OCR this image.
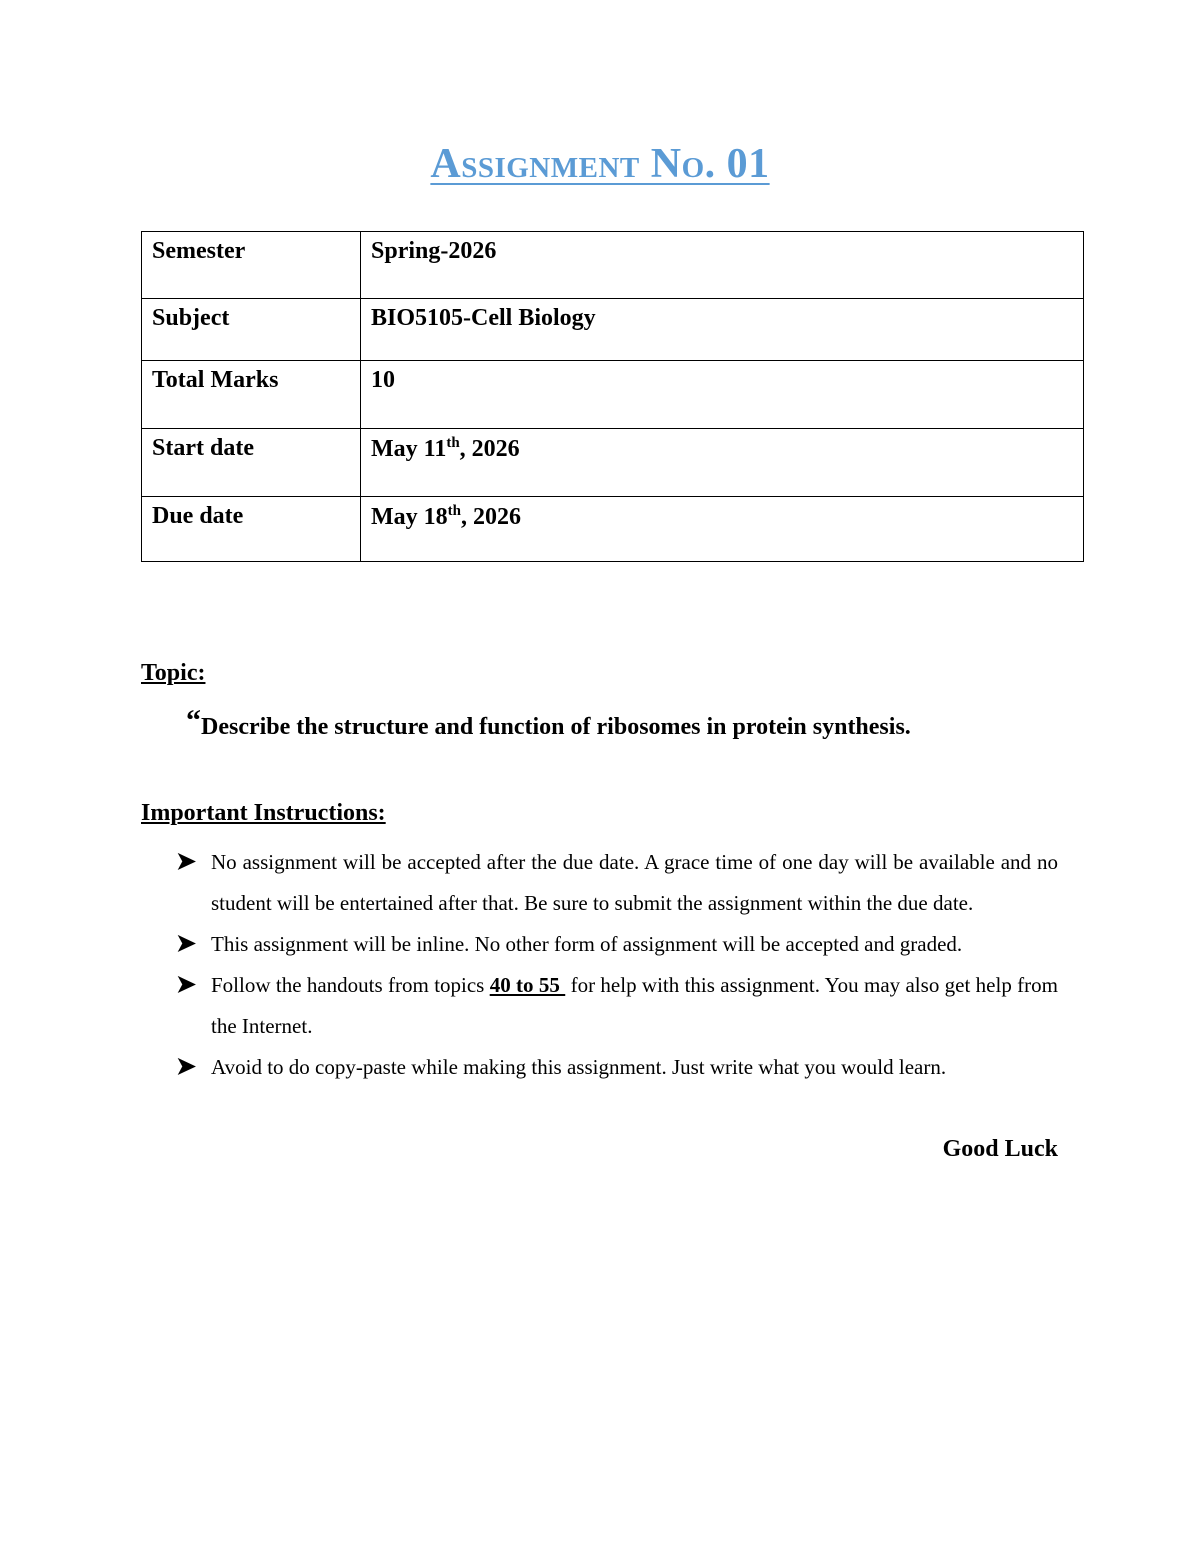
Assignment No. 01
Semester	Spring-2026
Subject	BIO5105-Cell Biology
Total Marks	10
Start date	May 11th, 2026
Due date	May 18th, 2026
Topic:
“Describe the structure and function of ribosomes in protein synthesis.
Important Instructions:
➤ No assignment will be accepted after the due date. A grace time of one day will be available and no student will be entertained after that. Be sure to submit the assignment within the due date.
➤ This assignment will be inline. No other form of assignment will be accepted and graded.
➤ Follow the handouts from topics 40 to 55  for help with this assignment. You may also get help from the Internet.
➤ Avoid to do copy-paste while making this assignment. Just write what you would learn.
Good Luck
